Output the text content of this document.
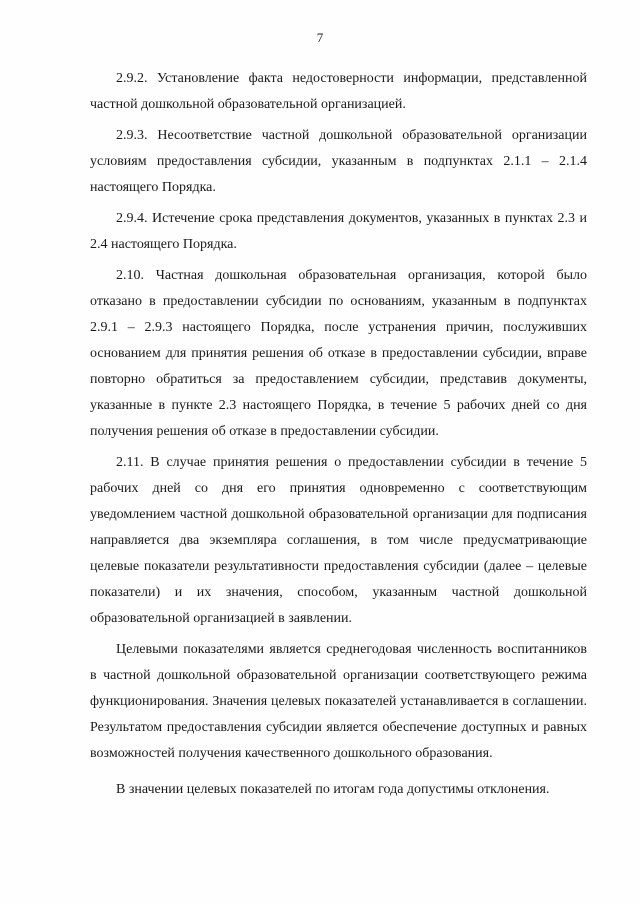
7

2.9.2. Установление факта недостоверности информации, представленной частной дошкольной образовательной организацией.

2.9.3. Несоответствие частной дошкольной образовательной организации условиям предоставления субсидии, указанным в подпунктах 2.1.1 – 2.1.4 настоящего Порядка.

2.9.4. Истечение срока представления документов, указанных в пунктах 2.3 и 2.4 настоящего Порядка.

2.10. Частная дошкольная образовательная организация, которой было отказано в предоставлении субсидии по основаниям, указанным в подпунктах 2.9.1 – 2.9.3 настоящего Порядка, после устранения причин, послуживших основанием для принятия решения об отказе в предоставлении субсидии, вправе повторно обратиться за предоставлением субсидии, представив документы, указанные в пункте 2.3 настоящего Порядка, в течение 5 рабочих дней со дня получения решения об отказе в предоставлении субсидии.

2.11. В случае принятия решения о предоставлении субсидии в течение 5 рабочих дней со дня его принятия одновременно с соответствующим уведомлением частной дошкольной образовательной организации для подписания направляется два экземпляра соглашения, в том числе предусматривающие целевые показатели результативности предоставления субсидии (далее – целевые показатели) и их значения, способом, указанным частной дошкольной образовательной организацией в заявлении.

Целевыми показателями является среднегодовая численность воспитанников в частной дошкольной образовательной организации соответствующего режима функционирования. Значения целевых показателей устанавливается в соглашении. Результатом предоставления субсидии является обеспечение доступных и равных возможностей получения качественного дошкольного образования.

В значении целевых показателей по итогам года допустимы отклонения.
